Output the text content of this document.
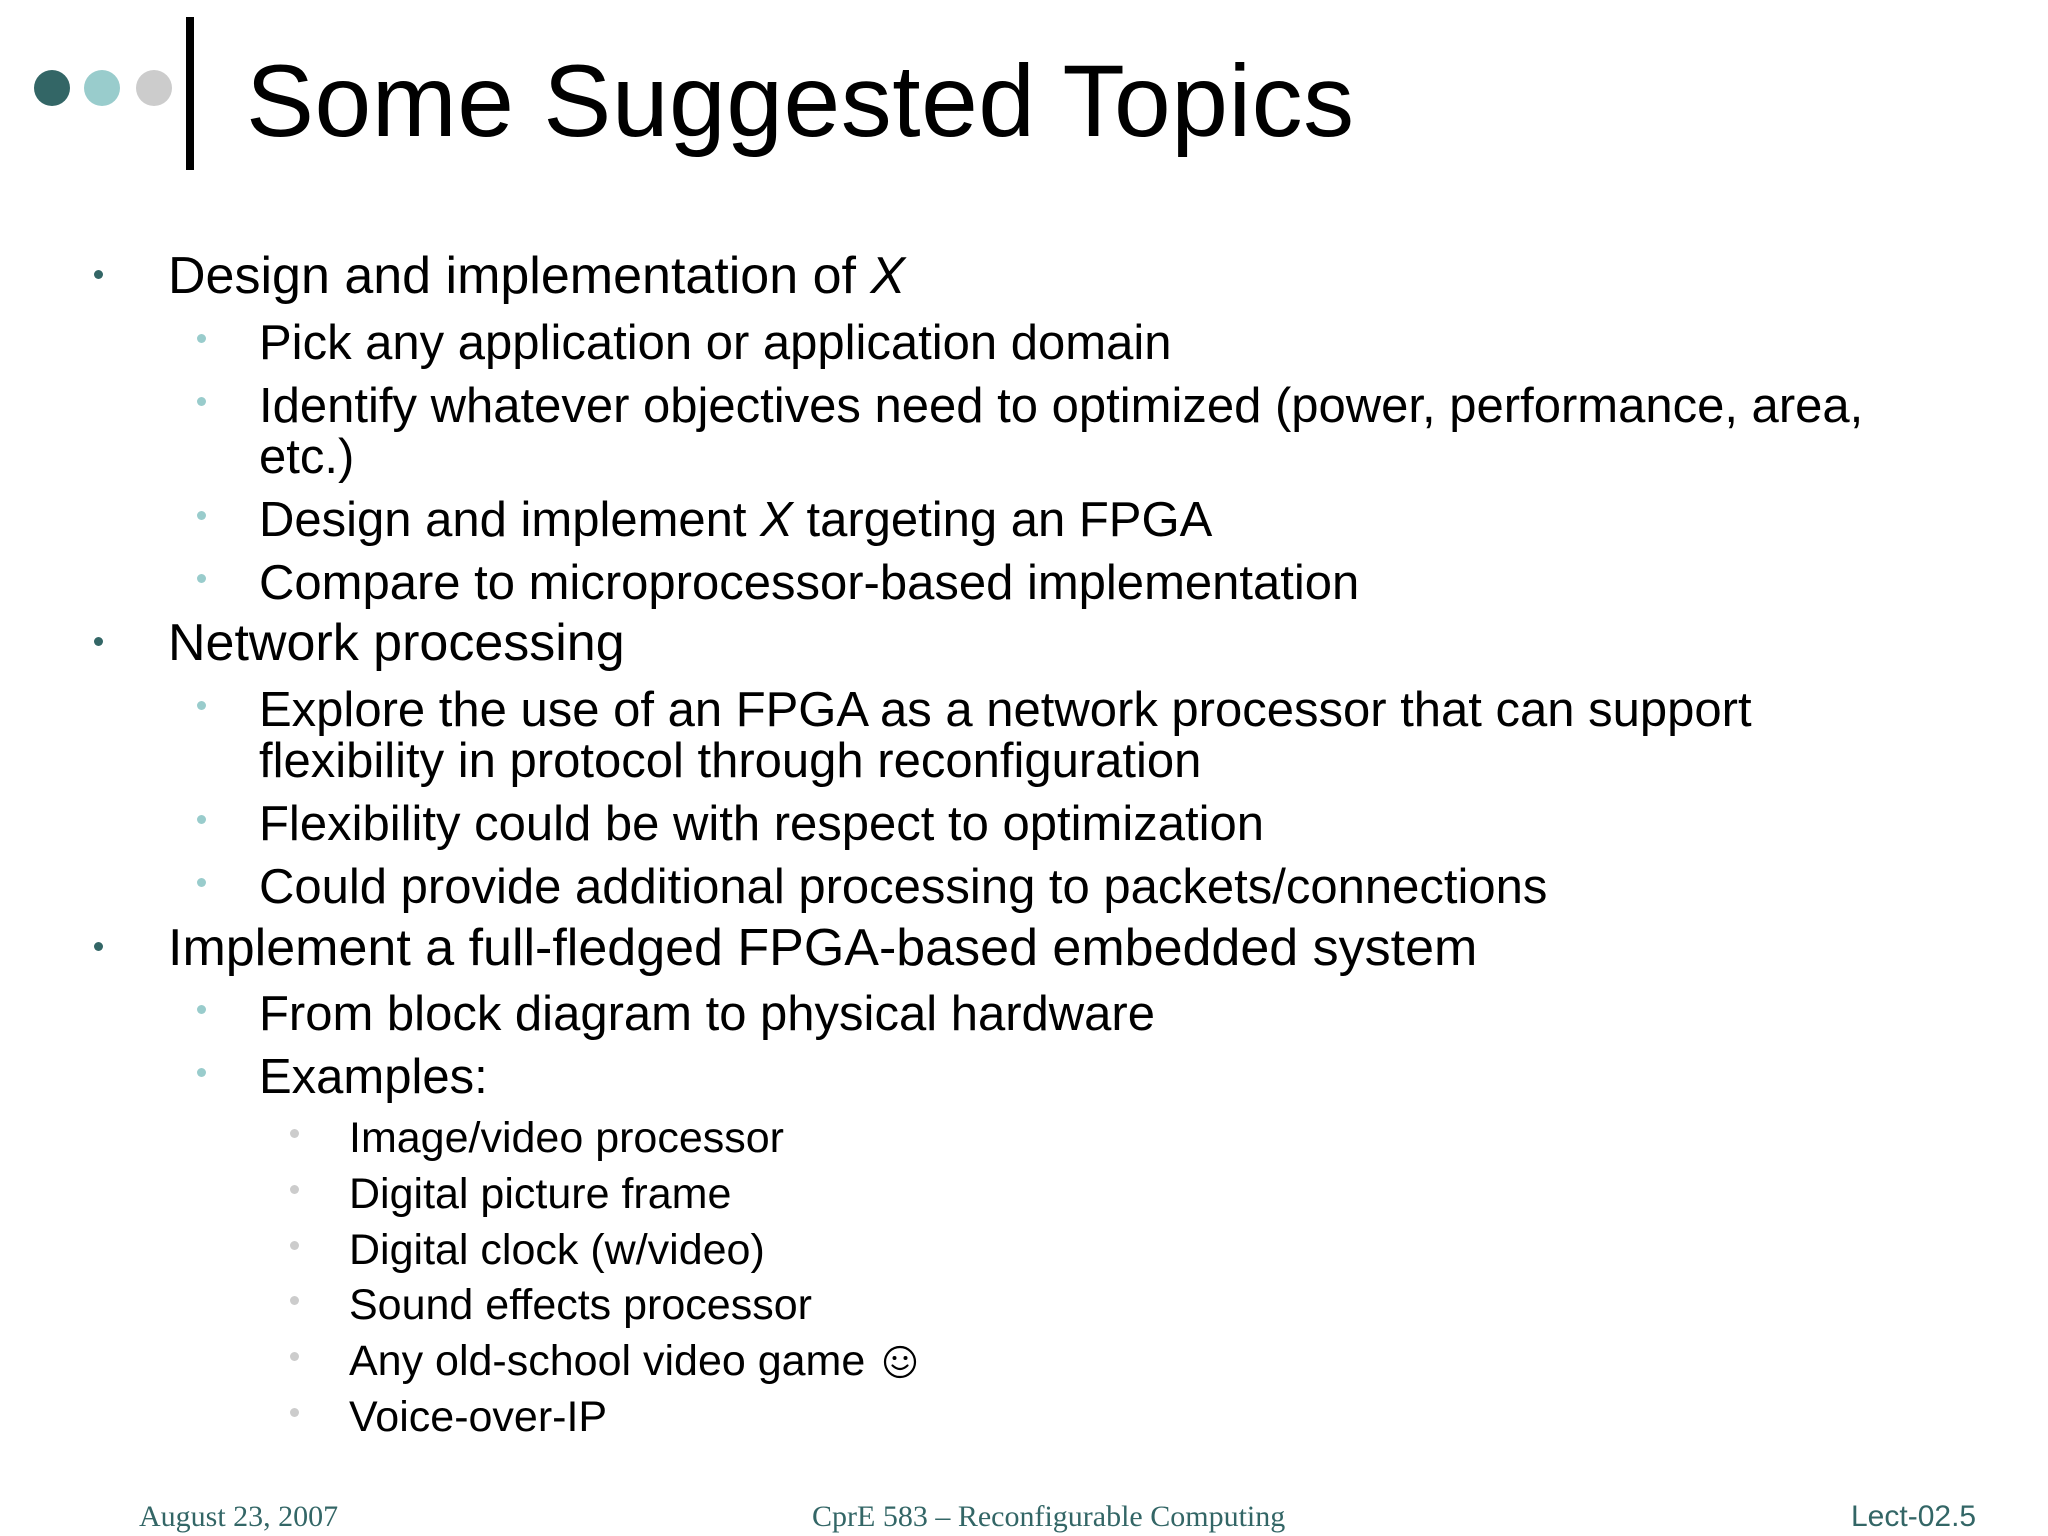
Some Suggested Topics
Design and implementation of X
Pick any application or application domain
Identify whatever objectives need to optimized (power, performance, area,
etc.)
Design and implement X targeting an FPGA
Compare to microprocessor-based implementation
Network processing
Explore the use of an FPGA as a network processor that can support
flexibility in protocol through reconfiguration
Flexibility could be with respect to optimization
Could provide additional processing to packets/connections
Implement a full-fledged FPGA-based embedded system
From block diagram to physical hardware
Examples:
Image/video processor
Digital picture frame
Digital clock (w/video)
Sound effects processor
Any old-school video game
Voice-over-IP
August 23, 2007	CprE 583 – Reconfigurable Computing	Lect-02.5
